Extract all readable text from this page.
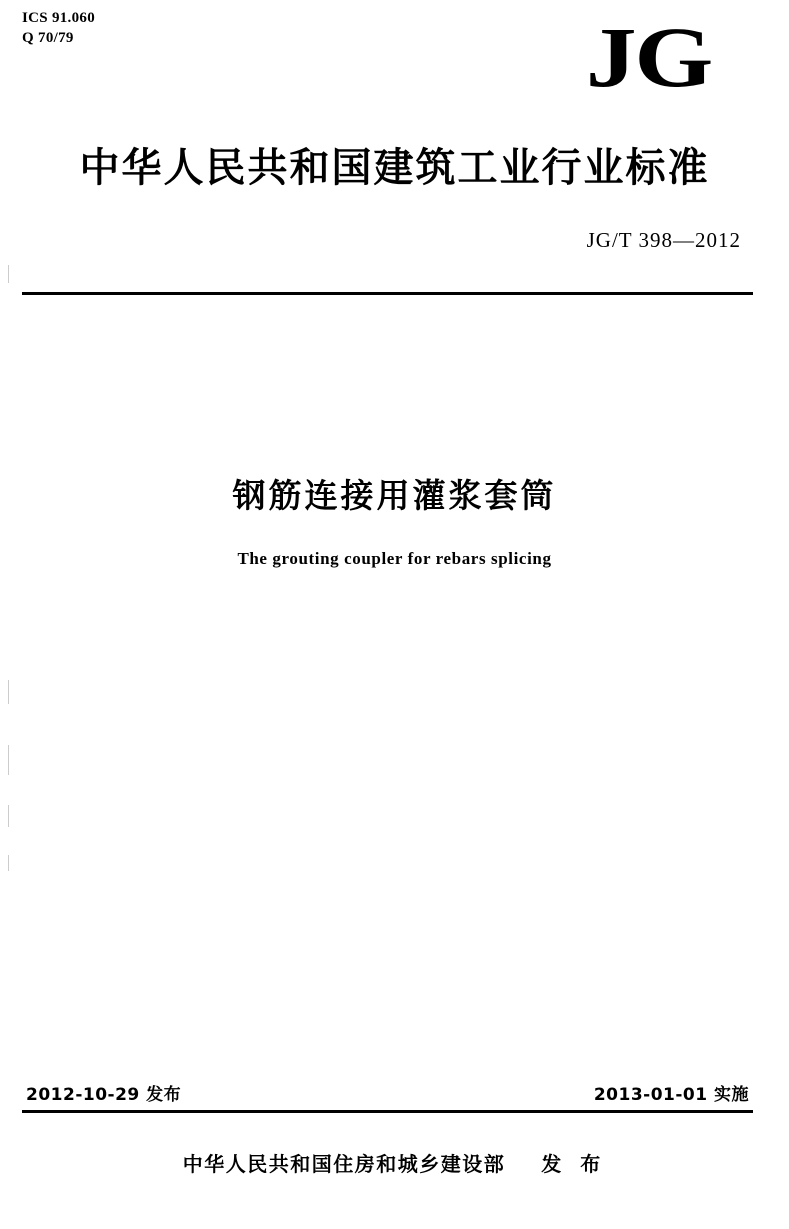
ICS 91.060
Q 70/79	JG
中华人民共和国建筑工业行业标准
JG/T 398—2012
钢筋连接用灌浆套筒
The grouting coupler for rebars splicing
2012-10-29 发布	2013-01-01 实施
中华人民共和国住房和城乡建设部 发 布
